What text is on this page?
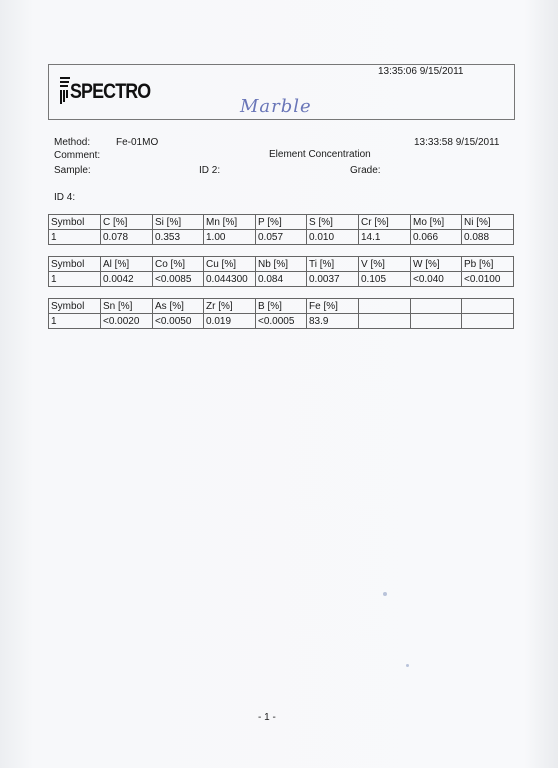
13:35:06 9/15/2011
SPECTRO
Marble
Method:	Fe-01MO	13:33:58 9/15/2011
Comment:	Element Concentration
Sample:	ID 2:	Grade:
ID 4:
Symbol	C [%]	Si [%]	Mn [%]	P [%]	S [%]	Cr [%]	Mo [%]	Ni [%]
1	0.078	0.353	1.00	0.057	0.010	14.1	0.066	0.088
Symbol	Al [%]	Co [%]	Cu [%]	Nb [%]	Ti [%]	V [%]	W [%]	Pb [%]
1	0.0042	<0.0085	0.044300	0.084	0.0037	0.105	<0.040	<0.0100
Symbol	Sn [%]	As [%]	Zr [%]	B [%]	Fe [%]			
1	<0.0020	<0.0050	0.019	<0.0005	83.9			
- 1 -
